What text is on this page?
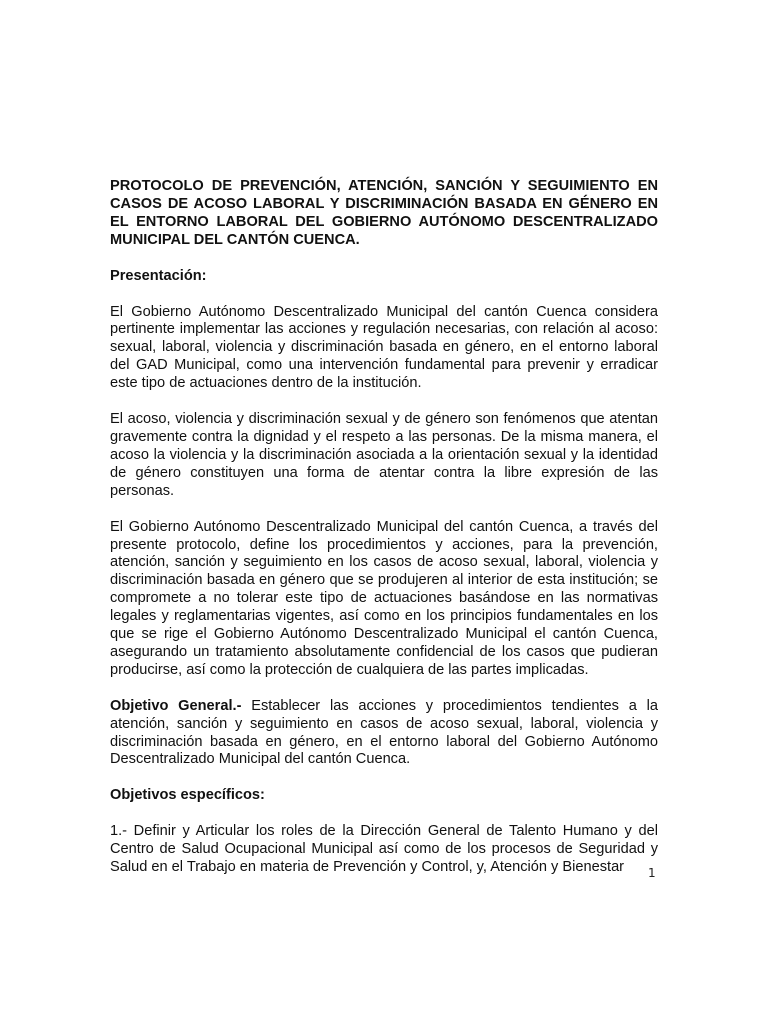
PROTOCOLO DE PREVENCIÓN, ATENCIÓN, SANCIÓN Y SEGUIMIENTO EN CASOS DE ACOSO LABORAL Y DISCRIMINACIÓN BASADA EN GÉNERO EN EL ENTORNO LABORAL DEL GOBIERNO AUTÓNOMO DESCENTRALIZADO MUNICIPAL DEL CANTÓN CUENCA.

Presentación:

El Gobierno Autónomo Descentralizado Municipal del cantón Cuenca considera pertinente implementar las acciones y regulación necesarias, con relación al acoso: sexual, laboral, violencia y discriminación basada en género, en el entorno laboral del GAD Municipal, como una intervención fundamental para prevenir y erradicar este tipo de actuaciones dentro de la institución.

El acoso, violencia y discriminación sexual y de género son fenómenos que atentan gravemente contra la dignidad y el respeto a las personas. De la misma manera, el acoso la violencia y la discriminación asociada a la orientación sexual y la identidad de género constituyen una forma de atentar contra la libre expresión de las personas.

El Gobierno Autónomo Descentralizado Municipal del cantón Cuenca, a través del presente protocolo, define los procedimientos y acciones, para la prevención, atención, sanción y seguimiento en los casos de acoso sexual, laboral, violencia y discriminación basada en género que se produjeren al interior de esta institución; se compromete a no tolerar este tipo de actuaciones basándose en las normativas legales y reglamentarias vigentes, así como en los principios fundamentales en los que se rige el Gobierno Autónomo Descentralizado Municipal el cantón Cuenca, asegurando un tratamiento absolutamente confidencial de los casos que pudieran producirse, así como la protección de cualquiera de las partes implicadas.

Objetivo General.- Establecer las acciones y procedimientos tendientes a la atención, sanción y seguimiento en casos de acoso sexual, laboral, violencia y discriminación basada en género, en el entorno laboral del Gobierno Autónomo Descentralizado Municipal del cantón Cuenca.

Objetivos específicos:

1.- Definir y Articular los roles de la Dirección General de Talento Humano y del Centro de Salud Ocupacional Municipal así como de los procesos de Seguridad y Salud en el Trabajo en materia de Prevención y Control, y, Atención y Bienestar	1
